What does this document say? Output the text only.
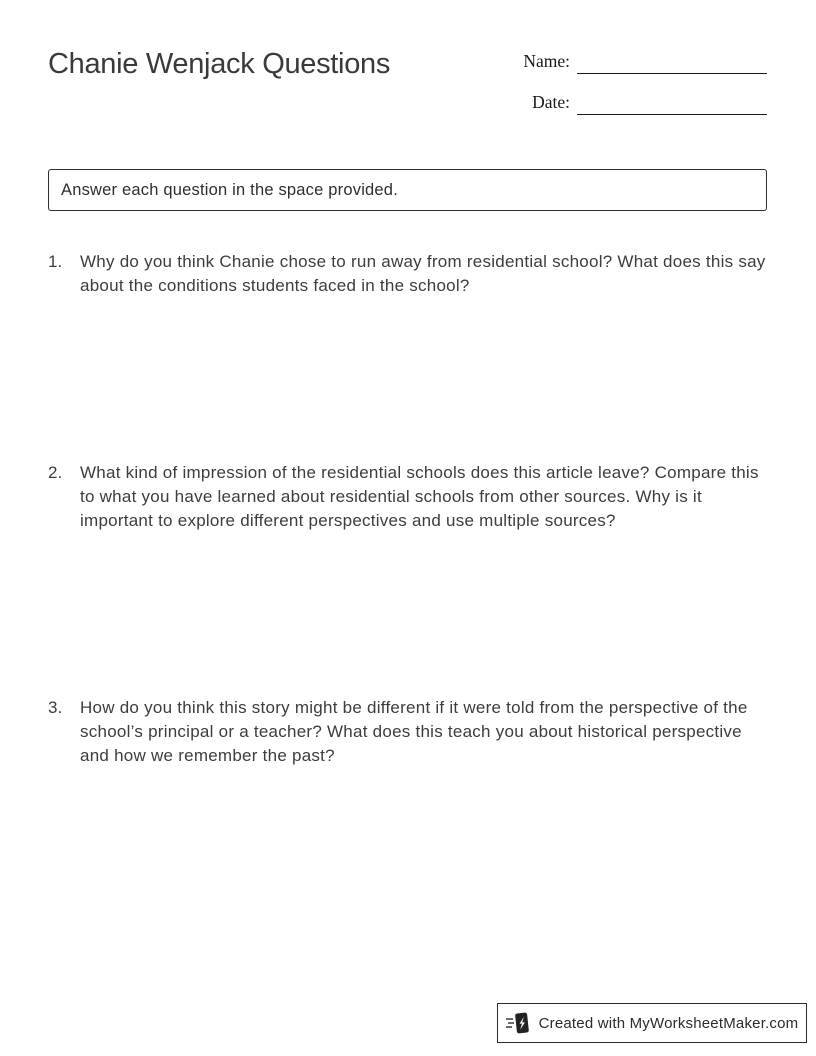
Chanie Wenjack Questions	Name:
Date:
Answer each question in the space provided.
1.	Why do you think Chanie chose to run away from residential school? What does this say about the conditions students faced in the school?
2.	What kind of impression of the residential schools does this article leave? Compare this to what you have learned about residential schools from other sources. Why is it important to explore different perspectives and use multiple sources?
3.	How do you think this story might be different if it were told from the perspective of the school’s principal or a teacher? What does this teach you about historical perspective and how we remember the past?
Created with MyWorksheetMaker.com
